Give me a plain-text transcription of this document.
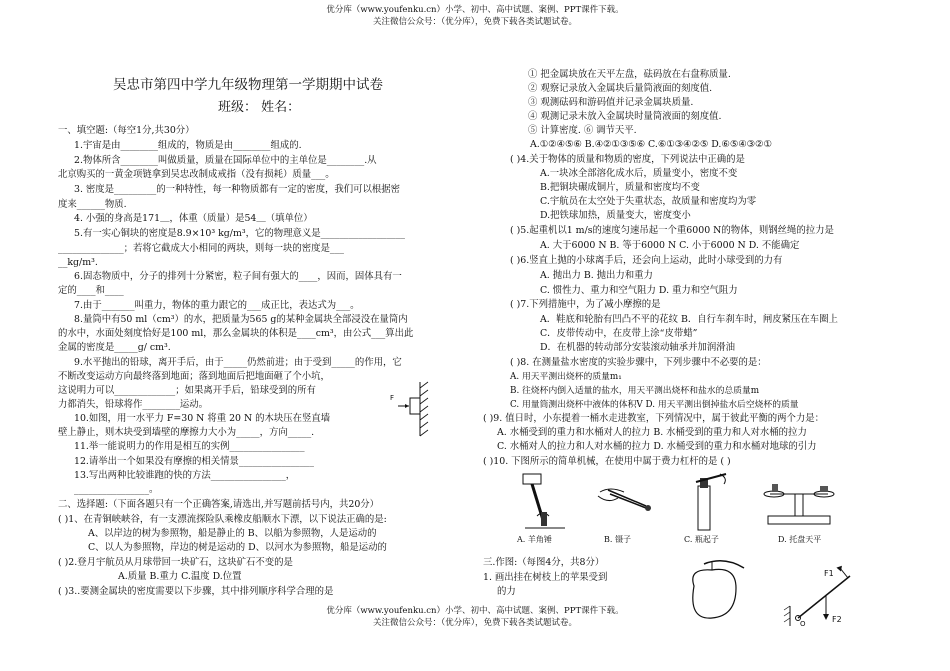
优分库（www.youfenku.cn）小学、初中、高中试题、案例、PPT课件下载。
关注微信公众号：（优分库），免费下载各类试题试卷。
吴忠市第四中学九年级物理第一学期期中试卷
班级： 姓名：
一、填空题:（每空1分,共30分）
1.宇宙是由________组成的，物质是由________组成的.
2.物体所含________叫做质量，质量在国际单位中的主单位是________.从
北京购买的一黄金项链拿到吴忠改制成戒指（没有损耗）质量___。
3. 密度是_________的一种特性，每一种物质都有一定的密度，我们可以根据密
度来______物质.
4. 小强的身高是171＿，体重（质量）是54＿（填单位）
5.有一实心铜块的密度是8.9×10³ kg/m³，它的物理意义是__________________
______________；若将它截成大小相同的两块，则每一块的密度是___
__kg/m³.
6.固态物质中，分子的排列十分紧密，粒子间有强大的____，因而，固体具有一
定的____和____
7.由于_______叫重力，物体的重力跟它的___成正比，表达式为___。
8.量筒中有50 ml（cm³）的水，把质量为565 g的某种金属块全部浸没在量筒内
的水中，水面处刻度恰好是100 ml，那么金属块的体积是____cm³，由公式___算出此
金属的密度是_____g/ cm³.
9.水平抛出的铅球，离开手后，由于_____仍然前进；由于受到_____的作用，它
不断改变运动方向最终落到地面；落到地面后把地面砸了个小坑，
这说明力可以_____________；如果离开手后，铅球受到的所有
力都消失，铅球将作________运动。
10.如图，用一水平力 F=30 N 将重 20 N 的木块压在竖直墙
壁上静止，则木块受到墙壁的摩擦力大小为_____，方向_____.
11.举一能说明力的作用是相互的实例________________
12.请举出一个如果没有摩擦的相关情景________________
13.写出两种比较谁跑的快的方法________________，
________________。
二、选择题:（下面各题只有一个正确答案,请选出,并写题前括号内，共20分）
( )1、在青铜峡峡谷，有一支漂流探险队乘橡皮船顺水下漂，以下说法正确的是:
A、以岸边的树为参照物，船是静止的 B、以船为参照物，人是运动的
C、以人为参照物，岸边的树是运动的 D、以河水为参照物，船是运动的
( )2.登月宇航员从月球带回一块矿石，这块矿石不变的是
A.质量 B.重力 C.温度 D.位置
( )3..要测金属块的密度需要以下步骤，其中排列顺序科学合理的是
F
① 把金属块放在天平左盘，砝码放在右盘称质量.
② 观察记录放入金属块后量筒液面的刻度值.
③ 观测砝码和游码值并记录金属块质量.
④ 观测记录未放入金属块时量筒液面的刻度值.
⑤ 计算密度. ⑥ 调节天平.
A.①②④⑤⑥ B.④②①③⑤⑥ C.⑥①③④②⑤ D.⑥⑤④③②①
( )4.关于物体的质量和物质的密度，下列说法中正确的是
A.一块冰全部溶化成水后，质量变小，密度不变
B.把铜块碾成铜片，质量和密度均不变
C.宇航员在太空处于失重状态，故质量和密度均为零
D.把铁球加热，质量变大，密度变小
( )5.起重机以1 m/s的速度匀速吊起一个重6000 N的物体，则钢丝绳的拉力是
A. 大于6000 N B. 等于6000 N C. 小于6000 N D. 不能确定
( )6.竖直上抛的小球离手后，还会向上运动，此时小球受到的力有
A. 抛出力 B. 抛出力和重力
C. 惯性力、重力和空气阻力 D. 重力和空气阻力
( )7.下列措施中，为了减小摩擦的是
A．鞋底和轮胎有凹凸不平的花纹 B．自行车刹车时，闸皮紧压在车圈上
C．皮带传动中，在皮带上涂“皮带蜡”
D．在机器的转动部分安装滚动轴承并加润滑油
( )8. 在测量盐水密度的实验步骤中，下列步骤中不必要的是：
A. 用天平测出烧杯的质量m₁
B. 往烧杯内倒入适量的盐水，用天平测出烧杯和盐水的总质量m
C. 用量筒测出烧杯中液体的体积V D. 用天平测出倒掉盐水后空烧杯的质量
( )9. 值日时，小东提着一桶水走进教室，下列情况中，属于彼此平衡的两个力是：
A. 水桶受到的重力和水桶对人的拉力 B. 水桶受到的重力和人对水桶的拉力
C. 水桶对人的拉力和人对水桶的拉力 D. 水桶受到的重力和水桶对地球的引力
( )10. 下图所示的简单机械，在使用中属于费力杠杆的是 ( )
A. 羊角锤	B. 镊子	C. 瓶起子	D. 托盘天平
三.作图:（每图4分，共8分）
1. 画出挂在树枝上的苹果受到
的力
F1
F2
O
优分库（www.youfenku.cn）小学、初中、高中试题、案例、PPT课件下载。
关注微信公众号：（优分库），免费下载各类试题试卷。
